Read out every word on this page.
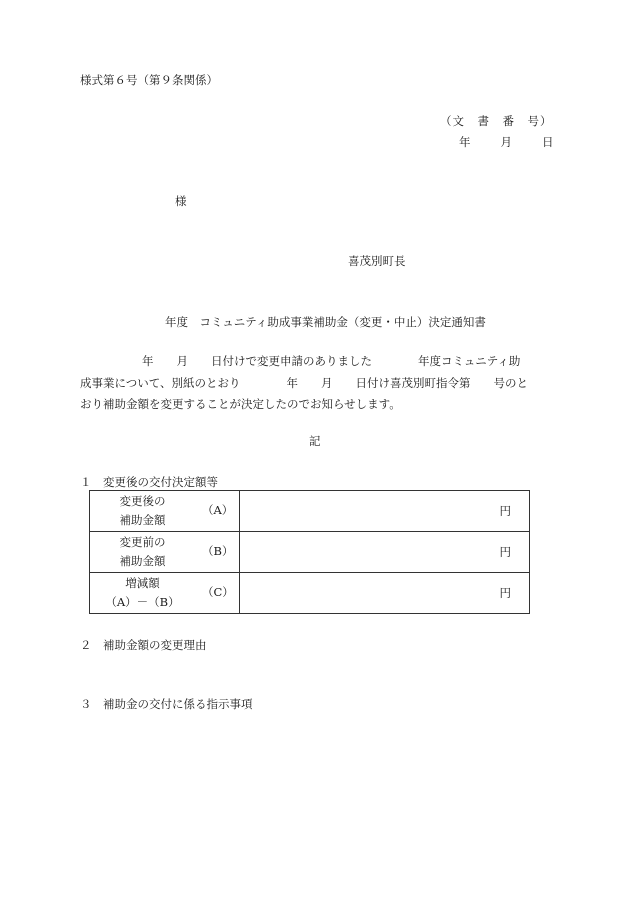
様式第６号（第９条関係）
（文　書　番　号）
年	月	日
様
喜茂別町長
年度　コミュニティ助成事業補助金（変更・中止）決定通知書

年　　月　　日付けで変更申請のありました　　　　年度コミュニティ助

成事業について、別紙のとおり　　　　年　　月　　日付け喜茂別町指令第　　号のと

おり補助金額を変更することが決定したのでお知らせします。

記
１　変更後の交付決定額等
変更後の
補助金額
（A）	円

変更前の
補助金額
（B）	円

増減額
（A）－（B）
（C）	円
２　補助金額の変更理由
３　補助金の交付に係る指示事項
